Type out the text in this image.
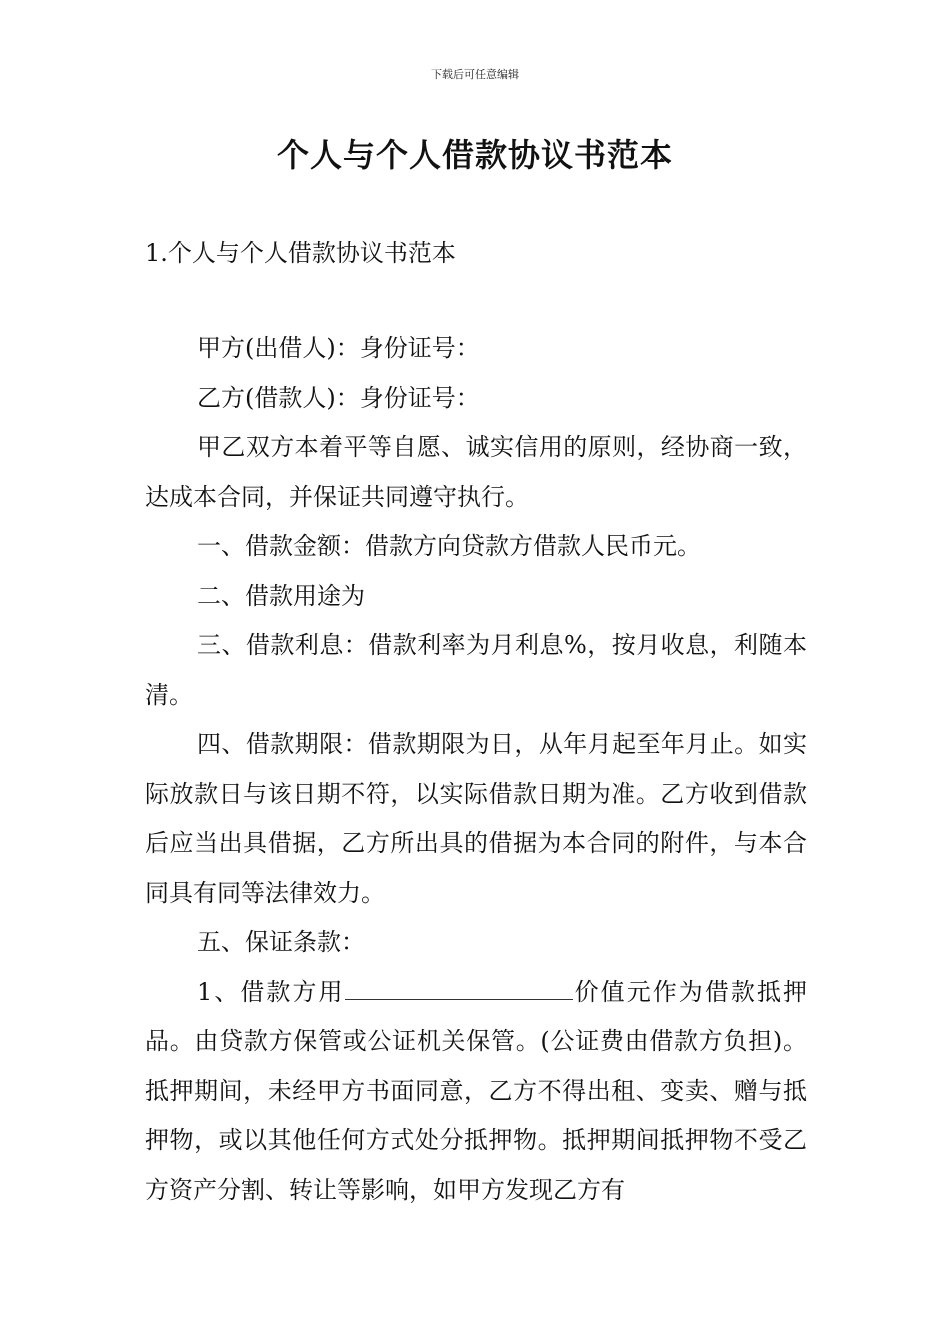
下载后可任意编辑
个人与个人借款协议书范本
1.个人与个人借款协议书范本

甲方(出借人)：身份证号：

乙方(借款人)：身份证号：

甲乙双方本着平等自愿、诚实信用的原则，经协商一致，达成本合同，并保证共同遵守执行。

一、借款金额：借款方向贷款方借款人民币元。

二、借款用途为

三、借款利息：借款利率为月利息%，按月收息，利随本清。

四、借款期限：借款期限为日，从年月起至年月止。如实际放款日与该日期不符，以实际借款日期为准。乙方收到借款后应当出具借据，乙方所出具的借据为本合同的附件，与本合同具有同等法律效力。

五、保证条款：

1、借款方用	价值元作为借款抵押品。由贷款方保管或公证机关保管。(公证费由借款方负担)。抵押期间，未经甲方书面同意，乙方不得出租、变卖、赠与抵押物，或以其他任何方式处分抵押物。抵押期间抵押物不受乙方资产分割、转让等影响，如甲方发现乙方有
